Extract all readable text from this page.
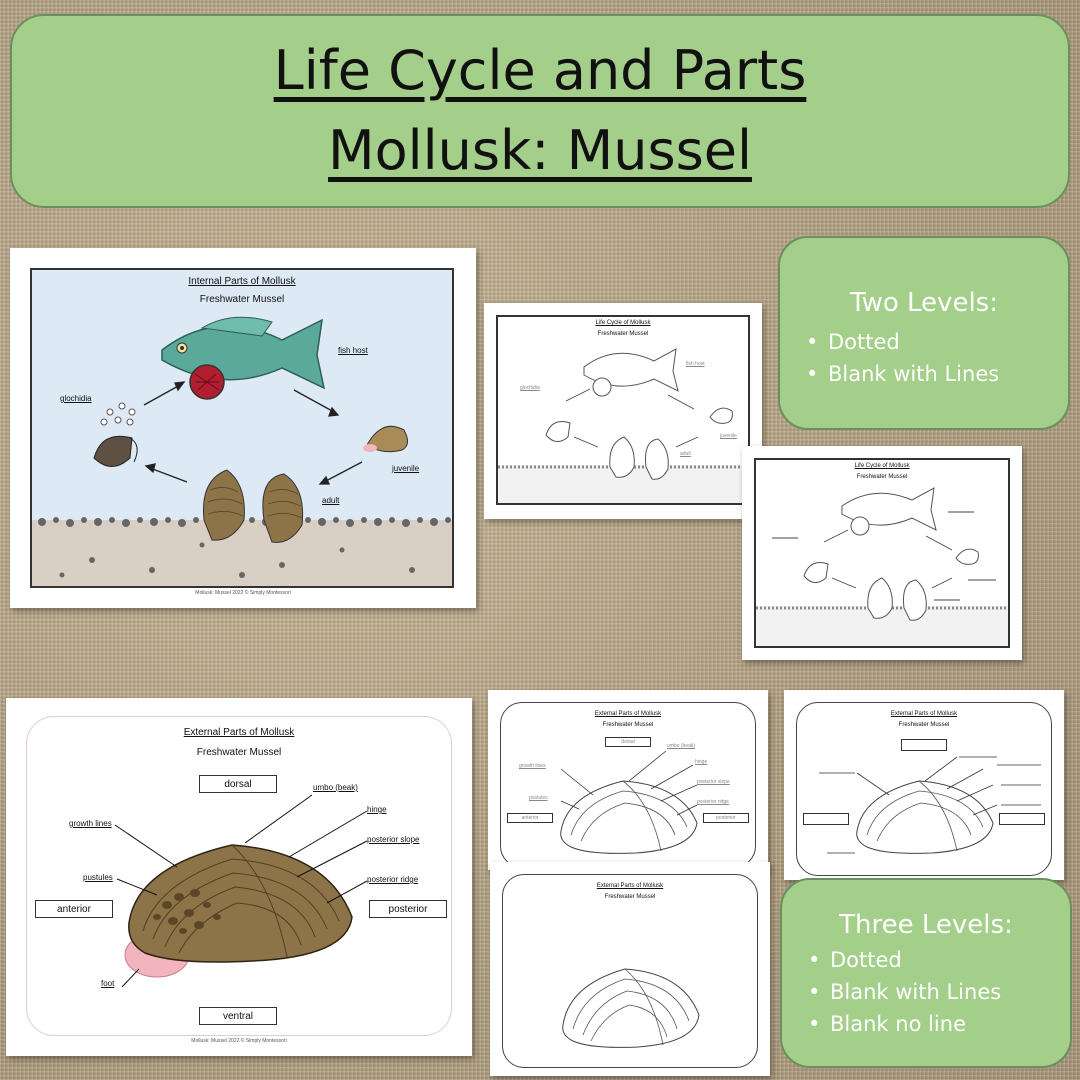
Life Cycle and Parts
Mollusk: Mussel
Internal Parts of Mollusk
Freshwater Mussel
fish host
glochidia
juvenile
adult
Mollusk: Mussel 2022 © Simply Montessori
Life Cycle of Mollusk
Freshwater Mussel
fish host
glochidia
juvenile
adult
Life Cycle of Mollusk
Freshwater Mussel
Two Levels:
• Dotted
• Blank with Lines
External Parts of Mollusk
Freshwater Mussel
dorsal
anterior	posterior
ventral
umbo (beak)
hinge
growth lines
posterior slope
pustules	posterior ridge
foot
Mollusk: Mussel 2022 © Simply Montessori
External Parts of Mollusk
Freshwater Mussel
dorsal
anterior	posterior
growth lines
umbo (beak)
hinge
posterior slope
pustules
posterior ridge
External Parts of Mollusk
Freshwater Mussel
External Parts of Mollusk
Freshwater Mussel
Three Levels:
• Dotted
• Blank with Lines
• Blank no line
